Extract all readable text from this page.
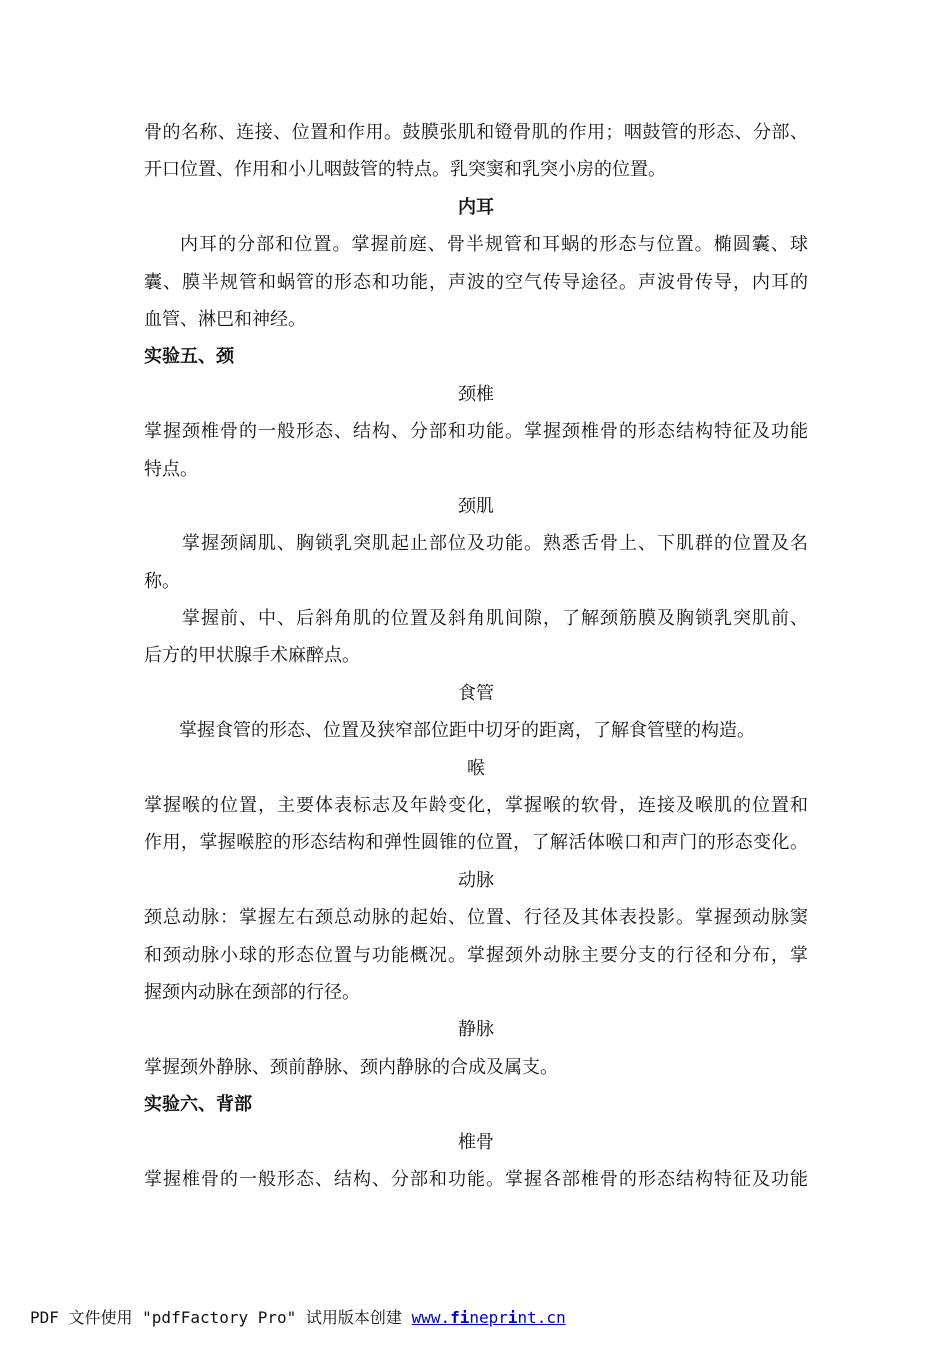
骨的名称、连接、位置和作用。鼓膜张肌和镫骨肌的作用；咽鼓管的形态、分部、
开口位置、作用和小儿咽鼓管的特点。乳突窦和乳突小房的位置。
内耳
内耳的分部和位置。掌握前庭、骨半规管和耳蜗的形态与位置。椭圆囊、球
囊、膜半规管和蜗管的形态和功能，声波的空气传导途径。声波骨传导，内耳的
血管、淋巴和神经。
实验五、颈
颈椎
掌握颈椎骨的一般形态、结构、分部和功能。掌握颈椎骨的形态结构特征及功能
特点。
颈肌
掌握颈阔肌、胸锁乳突肌起止部位及功能。熟悉舌骨上、下肌群的位置及名
称。
掌握前、中、后斜角肌的位置及斜角肌间隙，了解颈筋膜及胸锁乳突肌前、
后方的甲状腺手术麻醉点。
食管
掌握食管的形态、位置及狭窄部位距中切牙的距离，了解食管壁的构造。
喉
掌握喉的位置，主要体表标志及年龄变化，掌握喉的软骨，连接及喉肌的位置和
作用，掌握喉腔的形态结构和弹性圆锥的位置，了解活体喉口和声门的形态变化。
动脉
颈总动脉：掌握左右颈总动脉的起始、位置、行径及其体表投影。掌握颈动脉窦
和颈动脉小球的形态位置与功能概况。掌握颈外动脉主要分支的行径和分布，掌
握颈内动脉在颈部的行径。
静脉
掌握颈外静脉、颈前静脉、颈内静脉的合成及属支。
实验六、背部
椎骨
掌握椎骨的一般形态、结构、分部和功能。掌握各部椎骨的形态结构特征及功能
PDF 文件使用 "pdfFactory Pro" 试用版本创建 www.fineprint.cn
